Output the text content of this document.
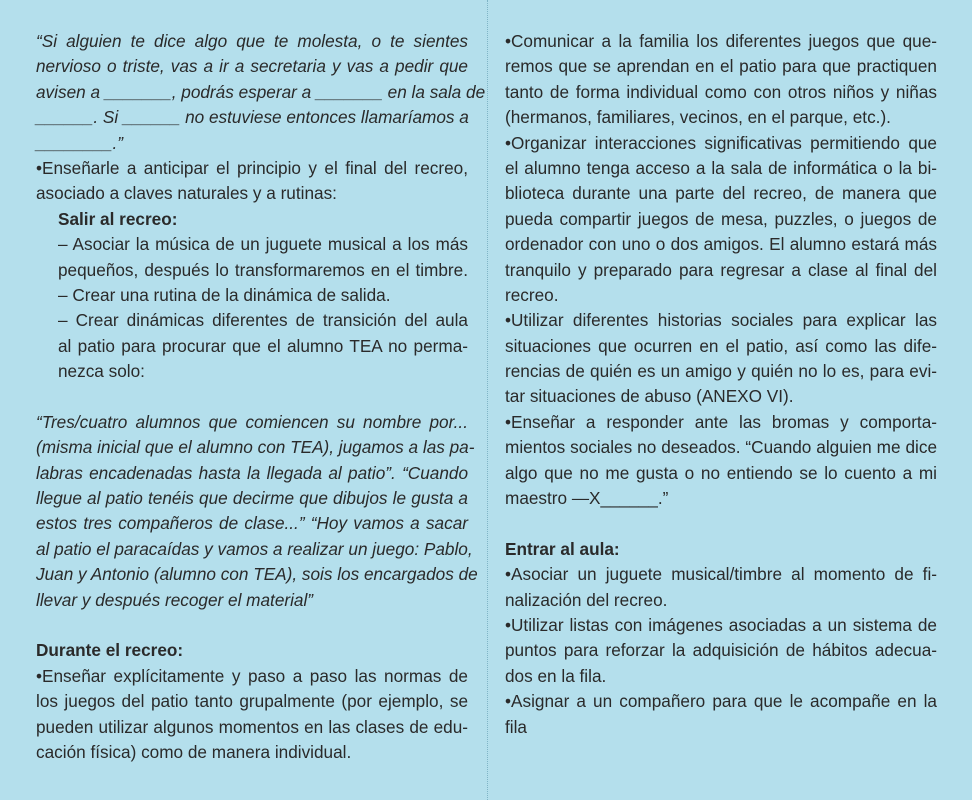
“Si alguien te dice algo que te molesta, o te sientes
nervioso o triste, vas a ir a secretaria y vas a pedir que
avisen a _______, podrás esperar a _______ en la sala de
______. Si ______ no estuviese entonces llamaríamos a
________.”
•Enseñarle a anticipar el principio y el final del recreo,
asociado a claves naturales y a rutinas:
Salir al recreo:
– Asociar la música de un juguete musical a los más
pequeños, después lo transformaremos en el timbre.
– Crear una rutina de la dinámica de salida.
– Crear dinámicas diferentes de transición del aula
al patio para procurar que el alumno TEA no perma-
nezca solo:
“Tres/cuatro alumnos que comiencen su nombre por...
(misma inicial que el alumno con TEA), jugamos a las pa-
labras encadenadas hasta la llegada al patio”. “Cuando
llegue al patio tenéis que decirme que dibujos le gusta a
estos tres compañeros de clase...” “Hoy vamos a sacar
al patio el paracaídas y vamos a realizar un juego: Pablo,
Juan y Antonio (alumno con TEA), sois los encargados de
llevar y después recoger el material”
Durante el recreo:
•Enseñar explícitamente y paso a paso las normas de
los juegos del patio tanto grupalmente (por ejemplo, se
pueden utilizar algunos momentos en las clases de edu-
cación física) como de manera individual.
•Comunicar a la familia los diferentes juegos que que-
remos que se aprendan en el patio para que practiquen
tanto de forma individual como con otros niños y niñas
(hermanos, familiares, vecinos, en el parque, etc.).
•Organizar interacciones significativas permitiendo que
el alumno tenga acceso a la sala de informática o la bi-
blioteca durante una parte del recreo, de manera que
pueda compartir juegos de mesa, puzzles, o juegos de
ordenador con uno o dos amigos. El alumno estará más
tranquilo y preparado para regresar a clase al final del
recreo.
•Utilizar diferentes historias sociales para explicar las
situaciones que ocurren en el patio, así como las dife-
rencias de quién es un amigo y quién no lo es, para evi-
tar situaciones de abuso (ANEXO VI).
•Enseñar a responder ante las bromas y comporta-
mientos sociales no deseados. “Cuando alguien me dice
algo que no me gusta o no entiendo se lo cuento a mi
maestro —X______.”
Entrar al aula:
•Asociar un juguete musical/timbre al momento de fi-
nalización del recreo.
•Utilizar listas con imágenes asociadas a un sistema de
puntos para reforzar la adquisición de hábitos adecua-
dos en la fila.
•Asignar a un compañero para que le acompañe en la
fila
